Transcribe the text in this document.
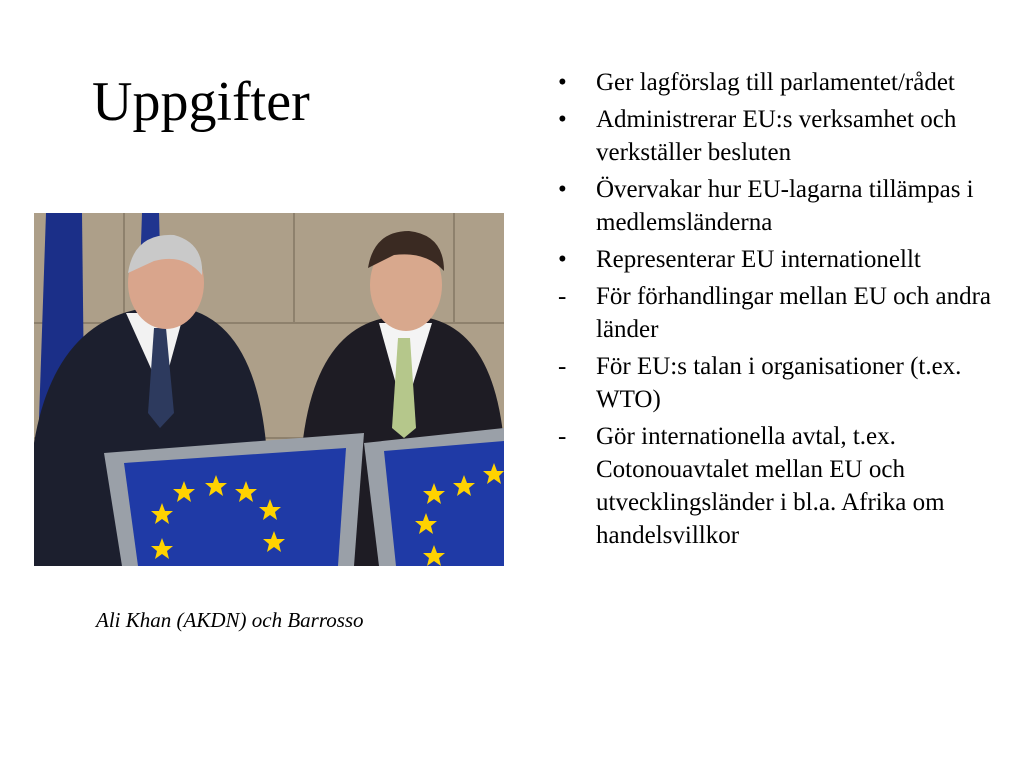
Uppgifter
Ali Khan (AKDN) och Barrosso
•	Ger lagförslag till parlamentet/rådet
•	Administrerar EU:s verksamhet och verkställer besluten
•	Övervakar hur EU-lagarna tillämpas i medlemsländerna
•	Representerar EU internationellt
-	För förhandlingar mellan EU och andra länder
-	För EU:s talan i organisationer (t.ex. WTO)
-	Gör internationella avtal, t.ex. Cotonouavtalet mellan EU och utvecklingsländer i bl.a. Afrika om handelsvillkor
